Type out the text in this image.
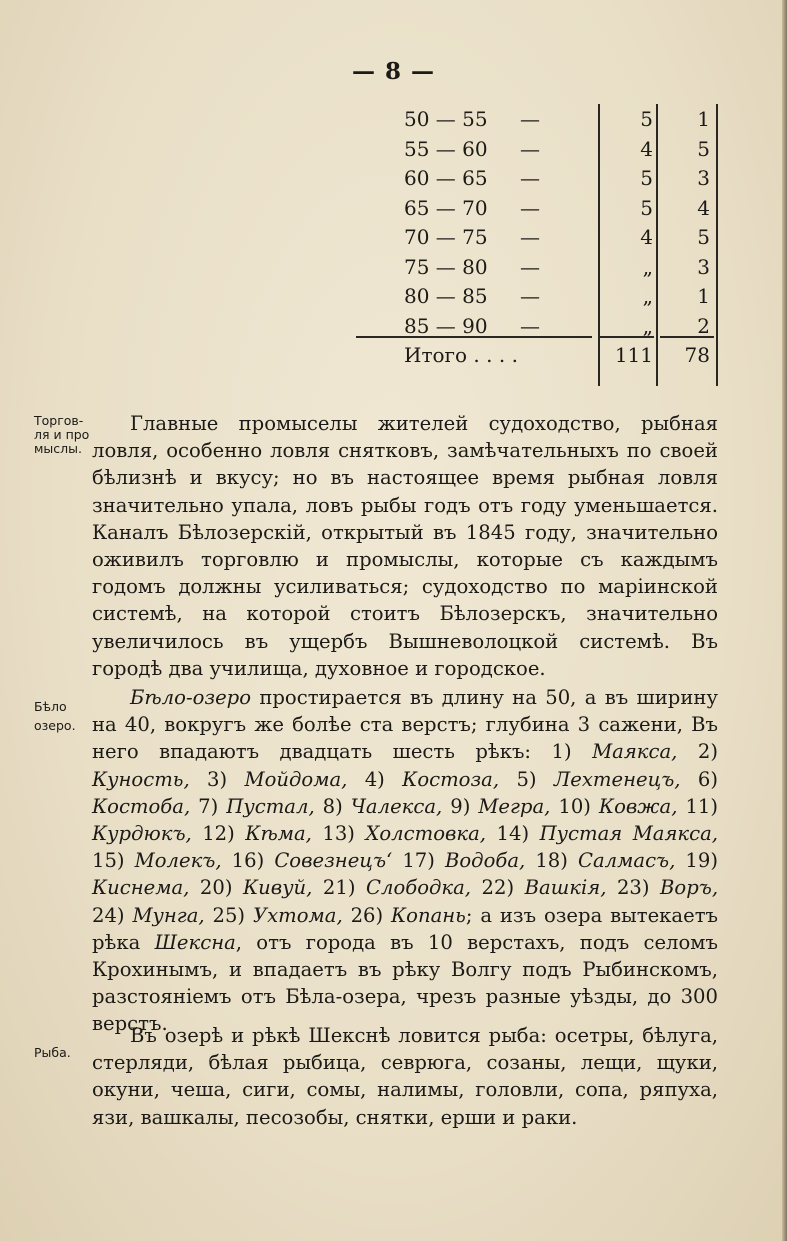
— 8 —
50 — 55	—	5	1
55 — 60	—	4	5
60 — 65	—	5	3
65 — 70	—	5	4
70 — 75	—	4	5
75 — 80	—	„	3
80 — 85	—	„	1
85 — 90	—	„	2
Итого . . . .	111	78
Торгов-
ля и про
мыслы.
Бѣло
озеро.
Рыба.

Главные промыселы жителей судоходство, рыбная ловля, особенно ловля снятковъ, замѣчательныхъ по своей бѣлизнѣ и вкусу; но въ настоящее время рыбная ловля значительно упала, ловъ рыбы годъ отъ году уменьшается. Каналъ Бѣлозерскій, открытый въ 1845 году, значительно оживилъ торговлю и промыслы, которые съ каждымъ годомъ должны усиливаться; судоходство по маріинской системѣ, на которой стоитъ Бѣлозерскъ, значительно увеличилось въ ущербъ Вышневолоцкой системѣ. Въ городѣ два училища, духовное и городское.

Бѣло-озеро простирается въ длину на 50, а въ ширину на 40, вокругъ же болѣе ста верстъ; глубина 3 сажени, Въ него впадаютъ двадцать шесть рѣкъ: 1) Маякса, 2) Куность, 3) Мойдома, 4) Костоза, 5) Лехтенецъ, 6) Костоба, 7) Пустал, 8) Чалекса, 9) Мегра, 10) Ковжа, 11) Курдюкъ, 12) Кѣма, 13) Холстовка, 14) Пустая Маякса, 15) Молекъ, 16) Совезнецъ‘ 17) Водоба, 18) Салмасъ, 19) Киснема, 20) Кивуй, 21) Слободка, 22) Вашкія, 23) Воръ, 24) Мунга, 25) Ухтома, 26) Копань; а изъ озера вытекаетъ рѣка Шексна, отъ города въ 10 верстахъ, подъ селомъ Крохинымъ, и впадаетъ въ рѣку Волгу подъ Рыбинскомъ, разстояніемъ отъ Бѣла-озера, чрезъ разные уѣзды, до 300 верстъ.

Въ озерѣ и рѣкѣ Шекснѣ ловится рыба: осетры, бѣлуга, стерляди, бѣлая рыбица, севрюга, созаны, лещи, щуки, окуни, чеша, сиги, сомы, налимы, головли, сопа, ряпуха, язи, вашкалы, песозобы, снятки, ерши и раки.
